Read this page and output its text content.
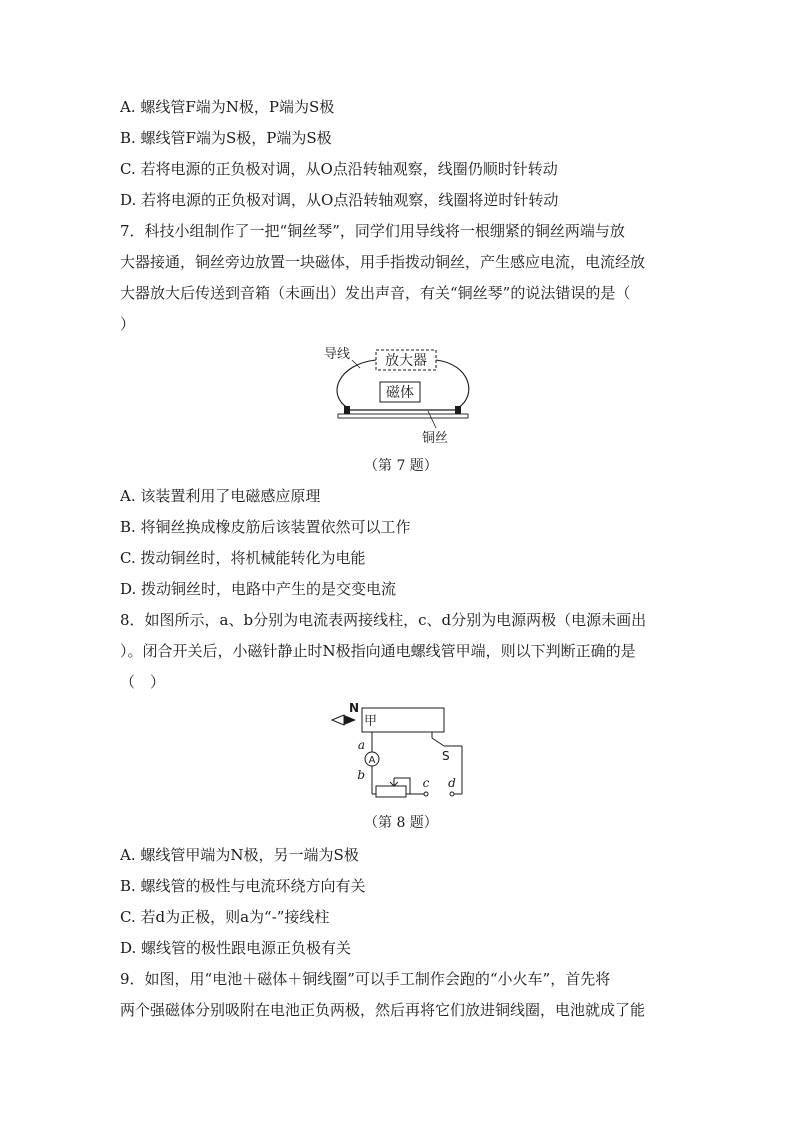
A. 螺线管F端为N极，P端为S极
B. 螺线管F端为S极，P端为S极
C. 若将电源的正负极对调，从O点沿转轴观察，线圈仍顺时针转动
D. 若将电源的正负极对调，从O点沿转轴观察，线圈将逆时针转动
7．科技小组制作了一把“铜丝琴”，同学们用导线将一根绷紧的铜丝两端与放
大器接通，铜丝旁边放置一块磁体，用手指拨动铜丝，产生感应电流，电流经放
大器放大后传送到音箱（未画出）发出声音，有关“铜丝琴”的说法错误的是（
）
导线 放大器
磁体
铜丝
（第 7 题）
A. 该装置利用了电磁感应原理
B. 将铜丝换成橡皮筋后该装置依然可以工作
C. 拨动铜丝时，将机械能转化为电能
D. 拨动铜丝时，电路中产生的是交变电流
8．如图所示，a、b分别为电流表两接线柱，c、d分别为电源两极（电源未画出
）。闭合开关后，小磁针静止时N极指向通电螺线管甲端，则以下判断正确的是
（　）
N
甲
a
A
b
c d
S
（第 8 题）
A. 螺线管甲端为N极，另一端为S极
B. 螺线管的极性与电流环绕方向有关
C. 若d为正极，则a为“-”接线柱
D. 螺线管的极性跟电源正负极有关
9．如图，用“电池＋磁体＋铜线圈”可以手工制作会跑的“小火车”，首先将
两个强磁体分别吸附在电池正负两极，然后再将它们放进铜线圈，电池就成了能
